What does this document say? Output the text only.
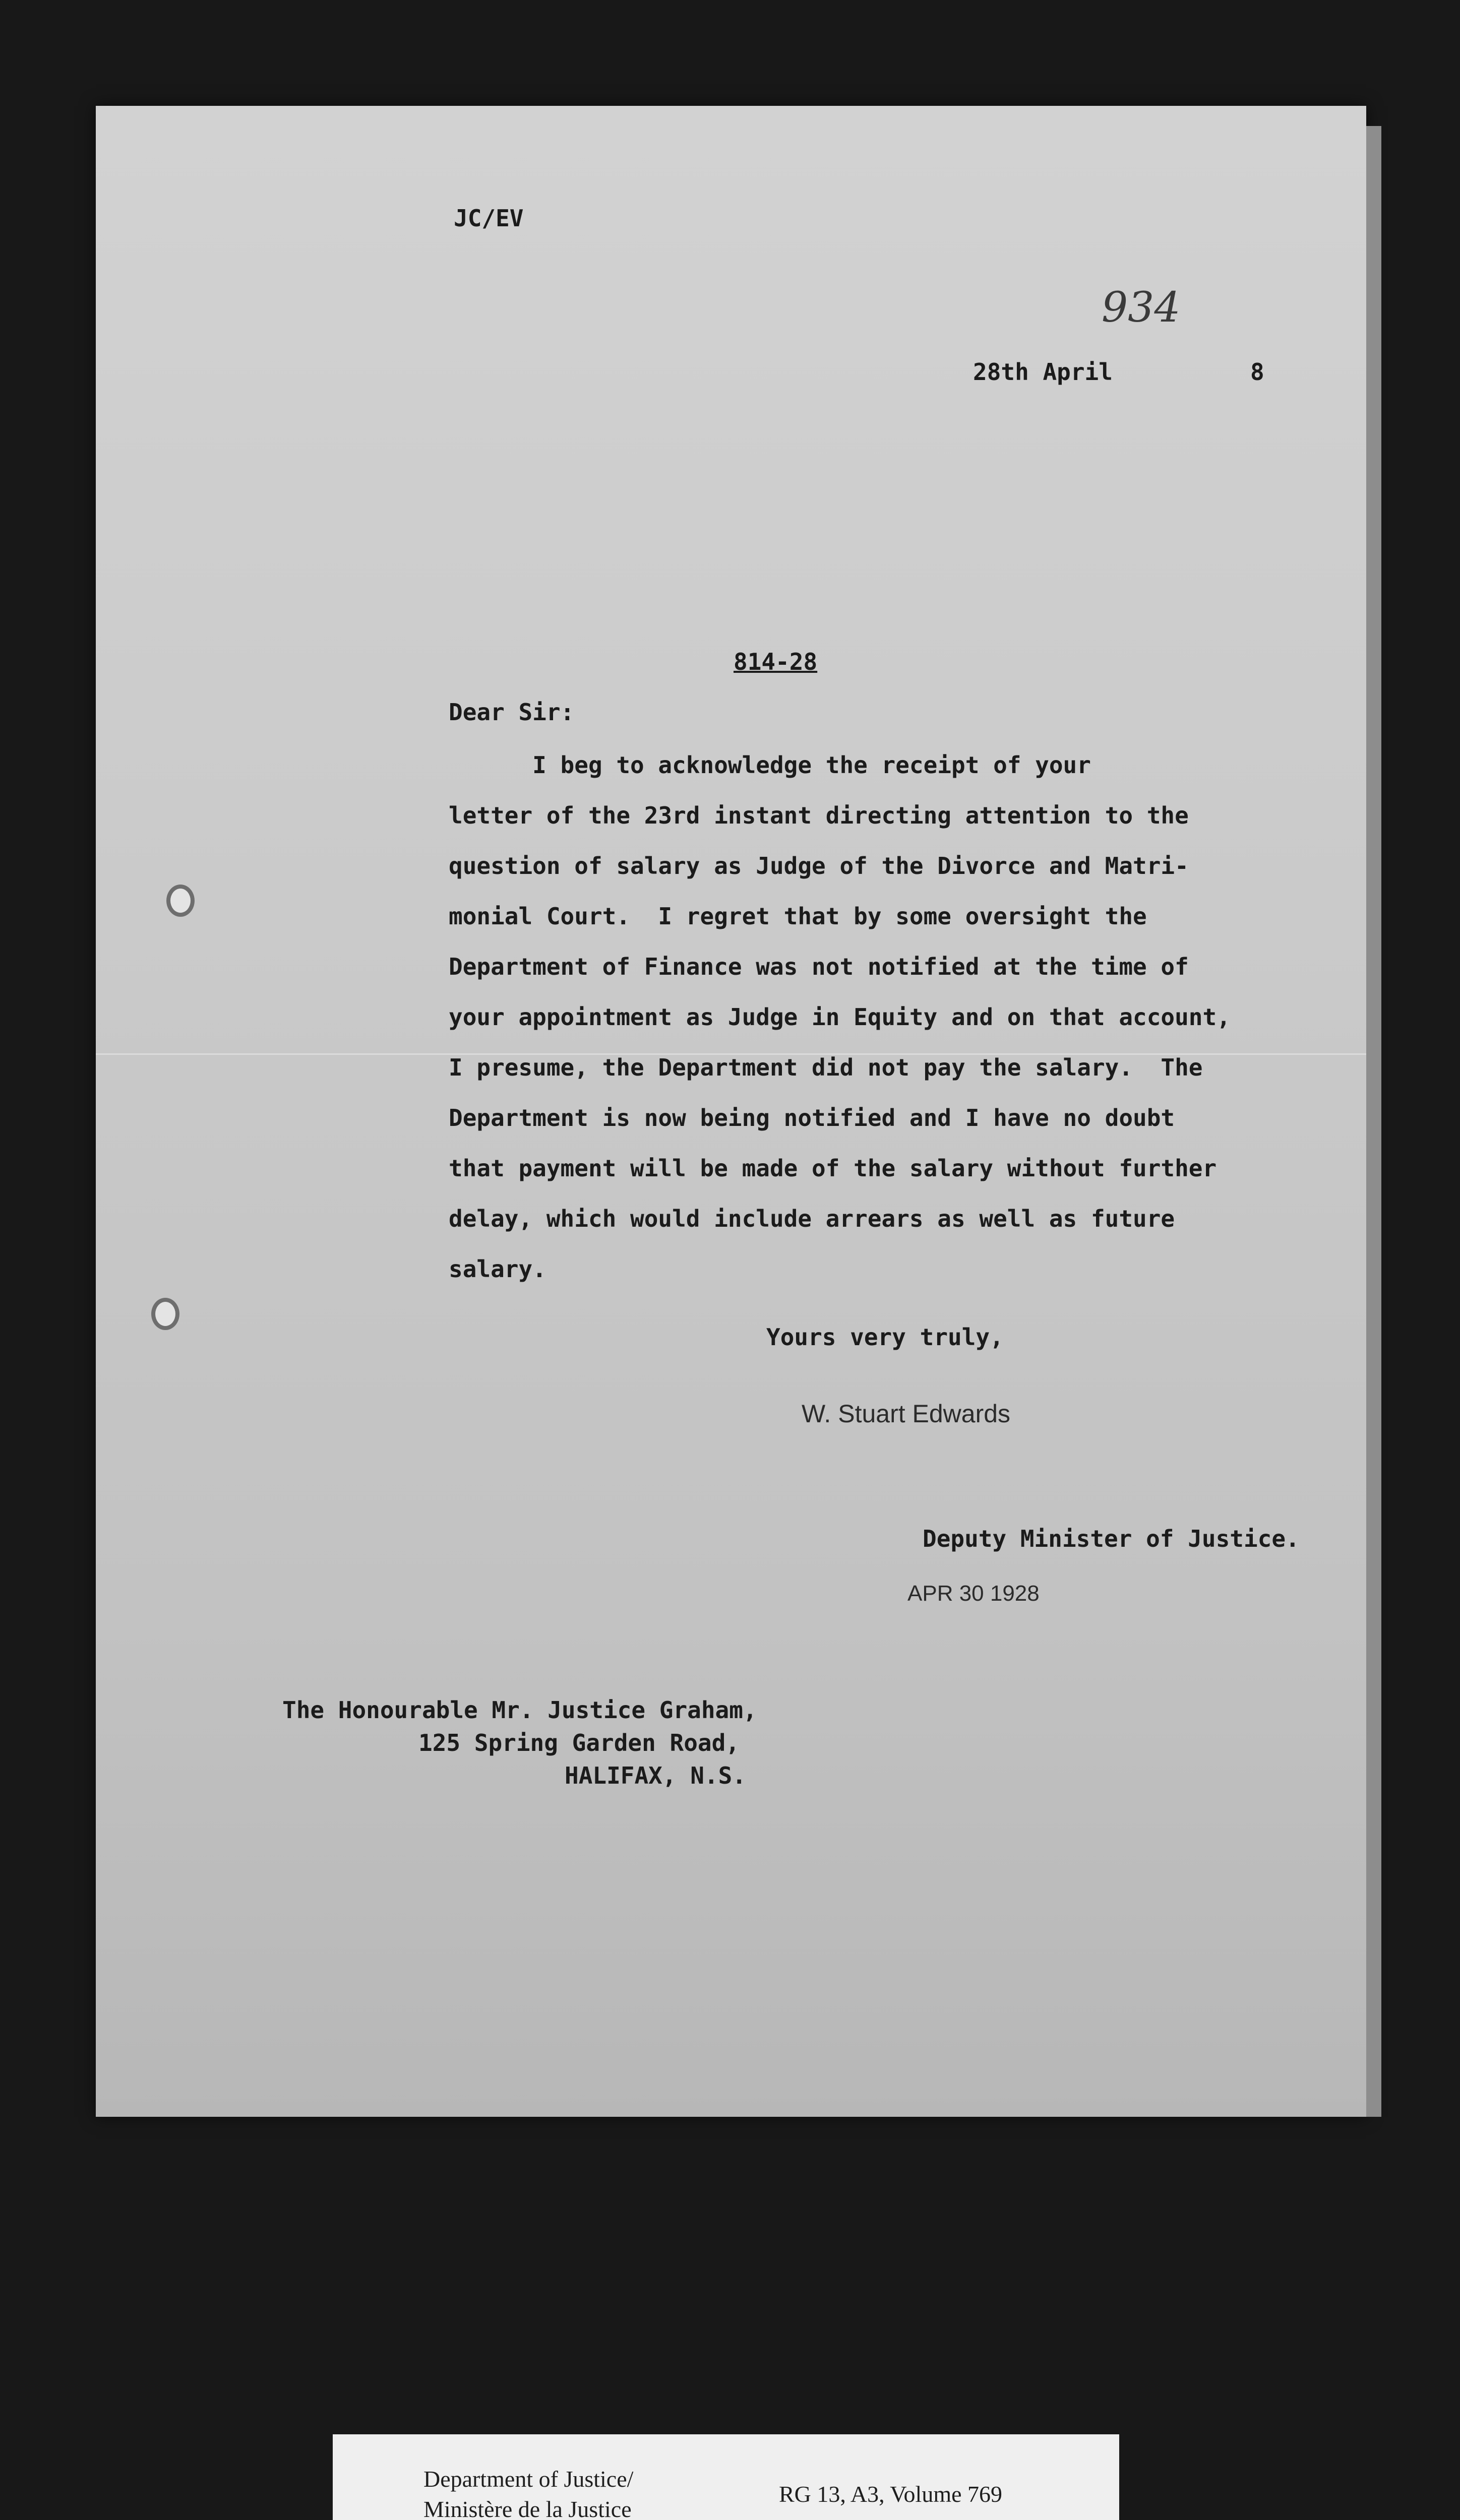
JC/EV
934
28th April	8
814-28
Dear Sir:
I beg to acknowledge the receipt of your
letter of the 23rd instant directing attention to the
question of salary as Judge of the Divorce and Matri-
monial Court.  I regret that by some oversight the
Department of Finance was not notified at the time of
your appointment as Judge in Equity and on that account,
I presume, the Department did not pay the salary.  The
Department is now being notified and I have no doubt
that payment will be made of the salary without further
delay, which would include arrears as well as future
salary.
Yours very truly,
W. Stuart Edwards
Deputy Minister of Justice.
APR 30 1928
The Honourable Mr. Justice Graham,
125 Spring Garden Road,
HALIFAX, N.S.
Department of Justice/
Ministère de la Justice
RG 13, A3, Volume 769
